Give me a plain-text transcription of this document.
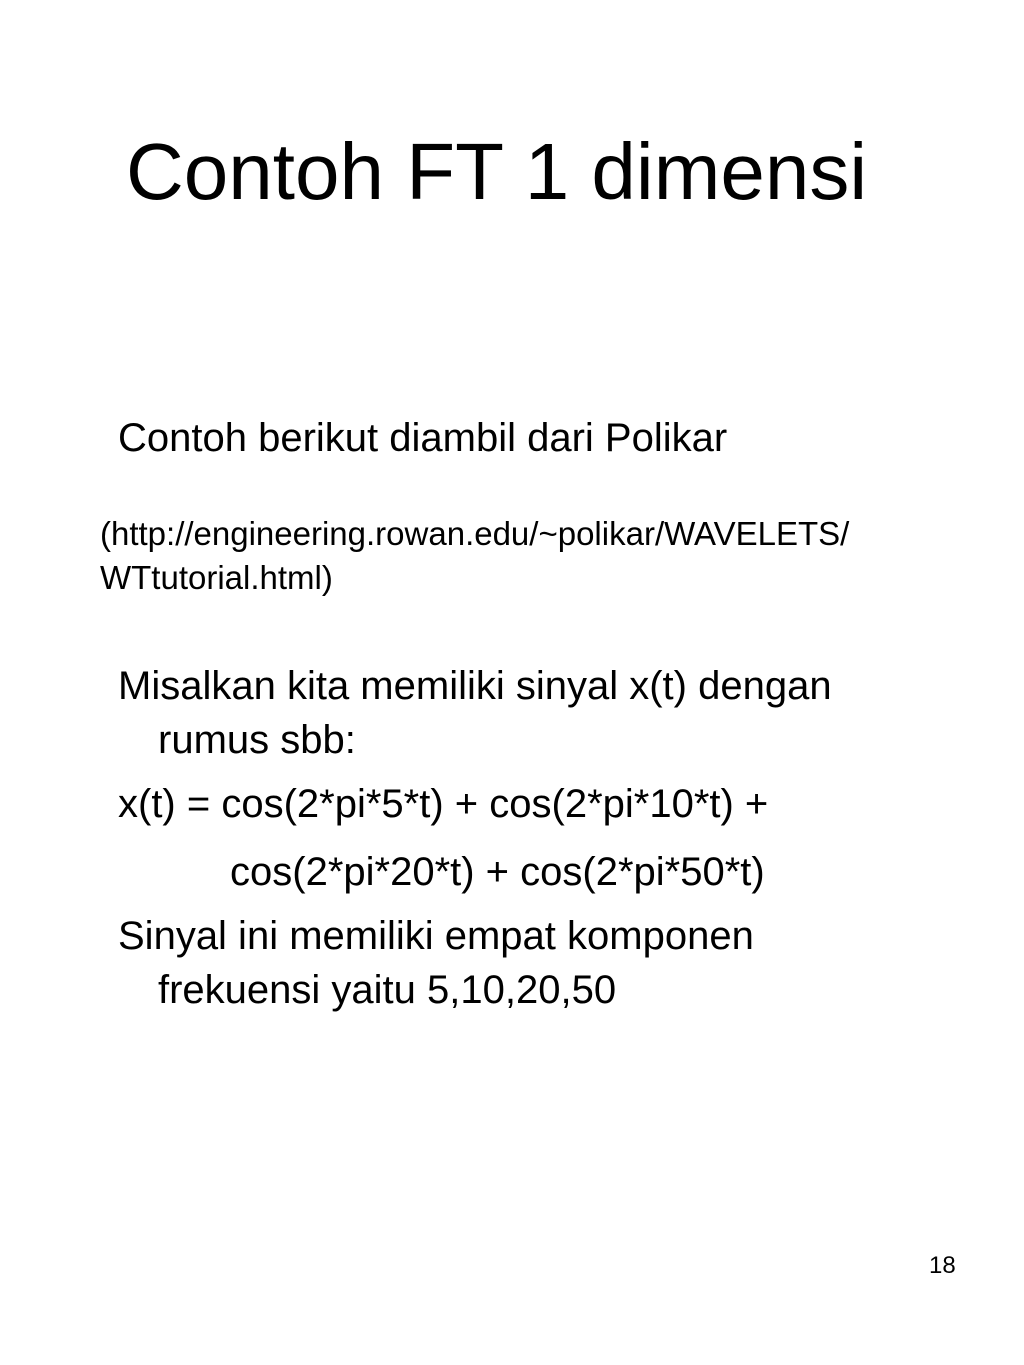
Contoh FT 1 dimensi
Contoh berikut diambil dari Polikar
(http://engineering.rowan.edu/~polikar/WAVELETS/
WTtutorial.html)
Misalkan kita memiliki sinyal x(t) dengan
rumus sbb:
x(t) = cos(2*pi*5*t) + cos(2*pi*10*t) +
cos(2*pi*20*t) + cos(2*pi*50*t)
Sinyal ini memiliki empat komponen
frekuensi yaitu 5,10,20,50
18
